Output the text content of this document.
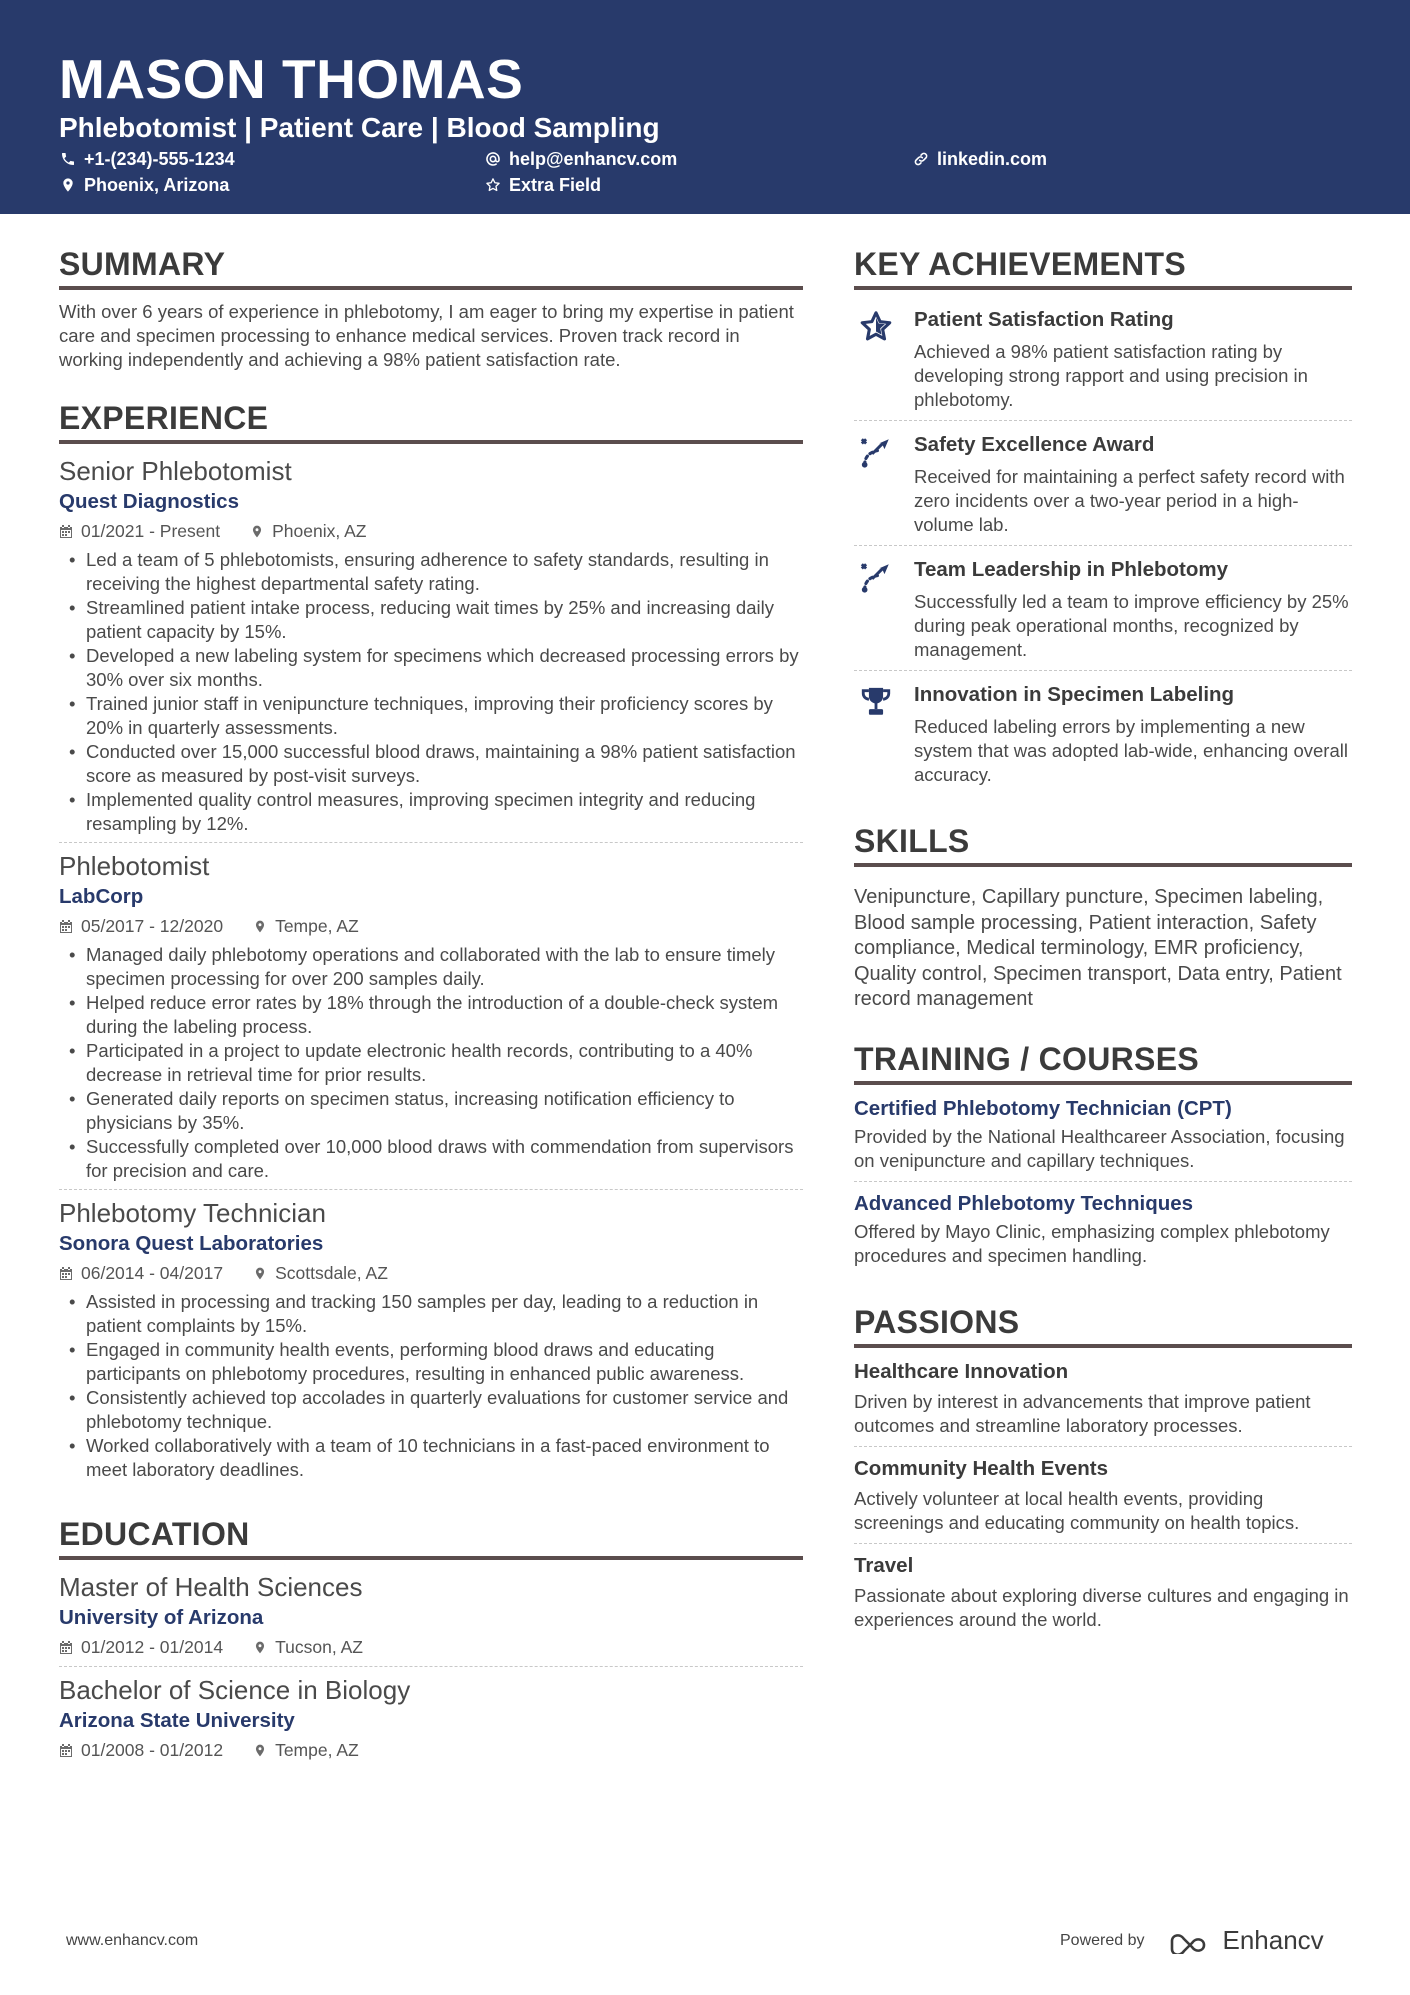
MASON THOMAS
Phlebotomist | Patient Care | Blood Sampling
+1-(234)-555-1234	help@enhancv.com	linkedin.com
Phoenix, Arizona	Extra Field
SUMMARY
With over 6 years of experience in phlebotomy, I am eager to bring my expertise in patient care and specimen processing to enhance medical services. Proven track record in working independently and achieving a 98% patient satisfaction rate.
EXPERIENCE
Senior Phlebotomist
Quest Diagnostics
01/2021 - Present	Phoenix, AZ
• Led a team of 5 phlebotomists, ensuring adherence to safety standards, resulting in receiving the highest departmental safety rating.
• Streamlined patient intake process, reducing wait times by 25% and increasing daily patient capacity by 15%.
• Developed a new labeling system for specimens which decreased processing errors by 30% over six months.
• Trained junior staff in venipuncture techniques, improving their proficiency scores by 20% in quarterly assessments.
• Conducted over 15,000 successful blood draws, maintaining a 98% patient satisfaction score as measured by post-visit surveys.
• Implemented quality control measures, improving specimen integrity and reducing resampling by 12%.
Phlebotomist
LabCorp
05/2017 - 12/2020	Tempe, AZ
• Managed daily phlebotomy operations and collaborated with the lab to ensure timely specimen processing for over 200 samples daily.
• Helped reduce error rates by 18% through the introduction of a double-check system during the labeling process.
• Participated in a project to update electronic health records, contributing to a 40% decrease in retrieval time for prior results.
• Generated daily reports on specimen status, increasing notification efficiency to physicians by 35%.
• Successfully completed over 10,000 blood draws with commendation from supervisors for precision and care.
Phlebotomy Technician
Sonora Quest Laboratories
06/2014 - 04/2017	Scottsdale, AZ
• Assisted in processing and tracking 150 samples per day, leading to a reduction in patient complaints by 15%.
• Engaged in community health events, performing blood draws and educating participants on phlebotomy procedures, resulting in enhanced public awareness.
• Consistently achieved top accolades in quarterly evaluations for customer service and phlebotomy technique.
• Worked collaboratively with a team of 10 technicians in a fast-paced environment to meet laboratory deadlines.
EDUCATION
Master of Health Sciences
University of Arizona
01/2012 - 01/2014	Tucson, AZ
Bachelor of Science in Biology
Arizona State University
01/2008 - 01/2012	Tempe, AZ
KEY ACHIEVEMENTS
Patient Satisfaction Rating
Achieved a 98% patient satisfaction rating by developing strong rapport and using precision in phlebotomy.
Safety Excellence Award
Received for maintaining a perfect safety record with zero incidents over a two-year period in a high-volume lab.
Team Leadership in Phlebotomy
Successfully led a team to improve efficiency by 25% during peak operational months, recognized by management.
Innovation in Specimen Labeling
Reduced labeling errors by implementing a new system that was adopted lab-wide, enhancing overall accuracy.
SKILLS
Venipuncture, Capillary puncture, Specimen labeling, Blood sample processing, Patient interaction, Safety compliance, Medical terminology, EMR proficiency, Quality control, Specimen transport, Data entry, Patient record management
TRAINING / COURSES
Certified Phlebotomy Technician (CPT)
Provided by the National Healthcareer Association, focusing on venipuncture and capillary techniques.
Advanced Phlebotomy Techniques
Offered by Mayo Clinic, emphasizing complex phlebotomy procedures and specimen handling.
PASSIONS
Healthcare Innovation
Driven by interest in advancements that improve patient outcomes and streamline laboratory processes.
Community Health Events
Actively volunteer at local health events, providing screenings and educating community on health topics.
Travel
Passionate about exploring diverse cultures and engaging in experiences around the world.
www.enhancv.com	Powered by	Enhancv
